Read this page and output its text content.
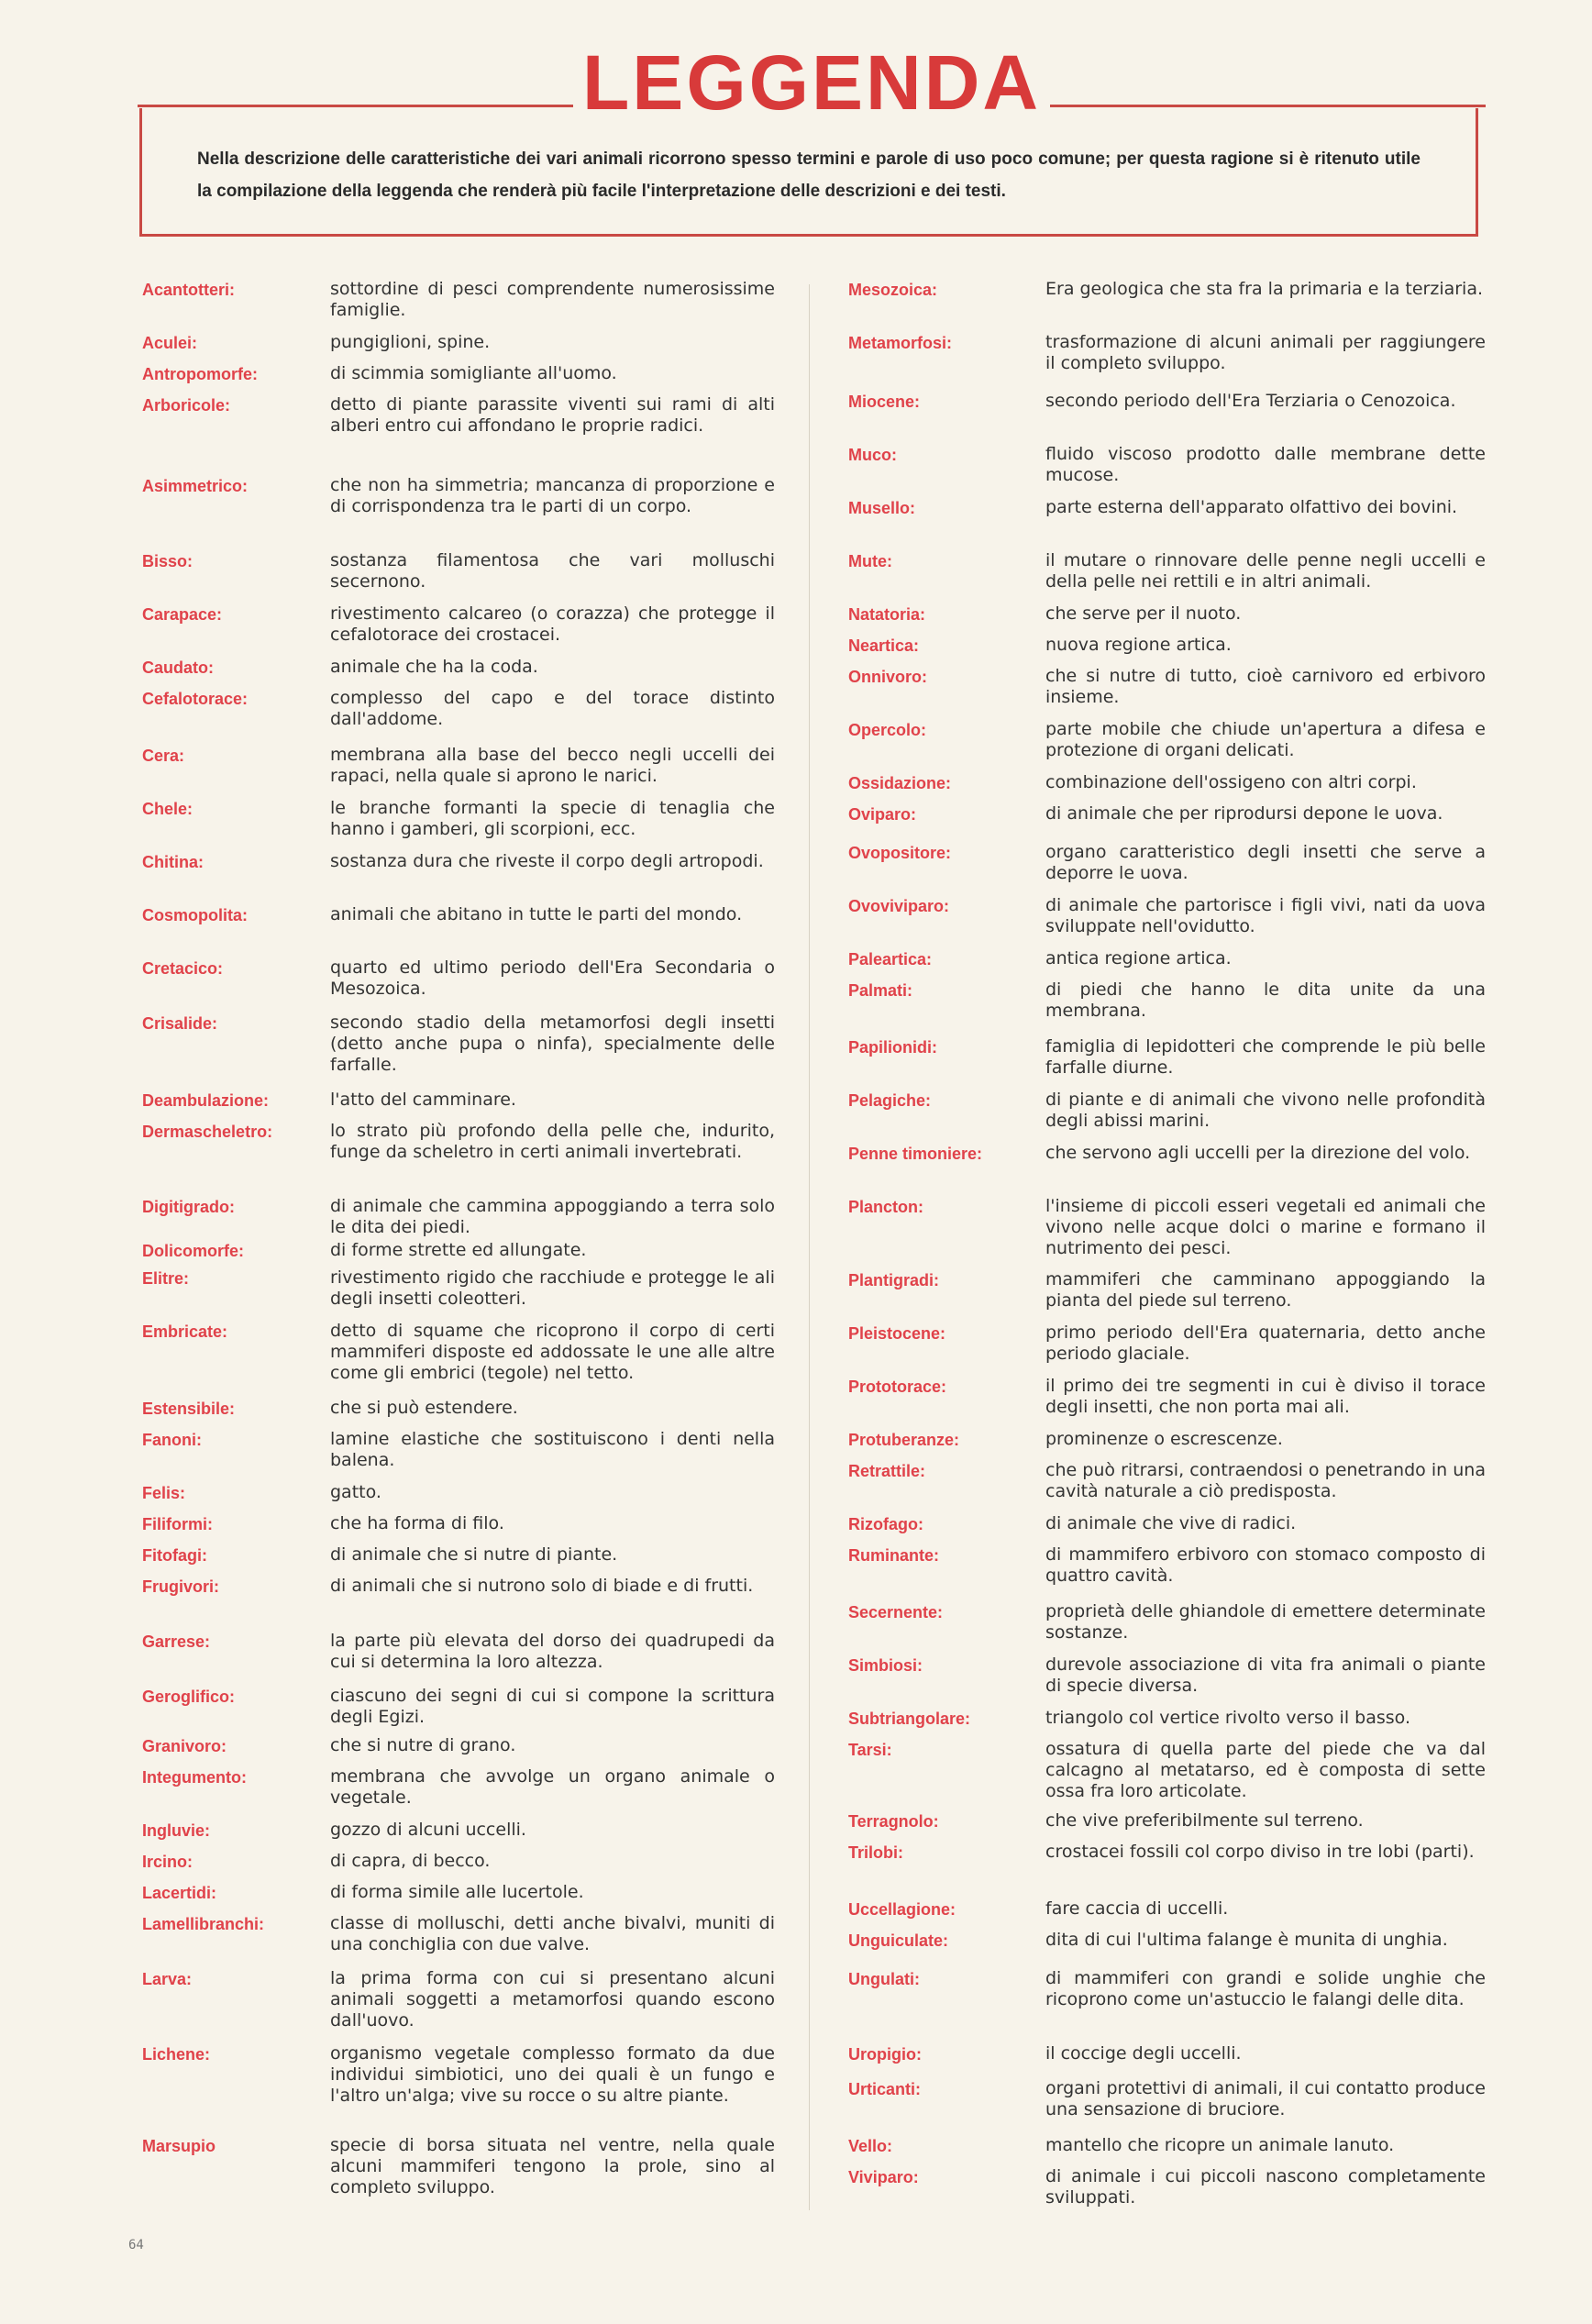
LEGGENDA
Nella descrizione delle caratteristiche dei vari animali ricorrono spesso termini e parole di uso poco comune; per questa ragione si è ritenuto utile la compilazione della leggenda che renderà più facile l'interpretazione delle descrizioni e dei testi.
Acantotteri:	sottordine di pesci comprendente numerosissime famiglie.
Aculei:	pungiglioni, spine.
Antropomorfe:	di scimmia somigliante all'uomo.
Arboricole:	detto di piante parassite viventi sui rami di alti alberi entro cui affondano le proprie radici.
Asimmetrico:	che non ha simmetria; mancanza di proporzione e di corrispondenza tra le parti di un corpo.
Bisso:	sostanza filamentosa che vari molluschi secernono.
Carapace:	rivestimento calcareo (o corazza) che protegge il cefalotorace dei crostacei.
Caudato:	animale che ha la coda.
Cefalotorace:	complesso del capo e del torace distinto dall'addome.
Cera:	membrana alla base del becco negli uccelli dei rapaci, nella quale si aprono le narici.
Chele:	le branche formanti la specie di tenaglia che hanno i gamberi, gli scorpioni, ecc.
Chitina:	sostanza dura che riveste il corpo degli artropodi.
Cosmopolita:	animali che abitano in tutte le parti del mondo.
Cretacico:	quarto ed ultimo periodo dell'Era Secondaria o Mesozoica.
Crisalide:	secondo stadio della metamorfosi degli insetti (detto anche pupa o ninfa), specialmente delle farfalle.
Deambulazione:	l'atto del camminare.
Dermascheletro:	lo strato più profondo della pelle che, indurito, funge da scheletro in certi animali invertebrati.
Digitigrado:	di animale che cammina appoggiando a terra solo le dita dei piedi.
Dolicomorfe:	di forme strette ed allungate.
Elitre:	rivestimento rigido che racchiude e protegge le ali degli insetti coleotteri.
Embricate:	detto di squame che ricoprono il corpo di certi mammiferi disposte ed addossate le une alle altre come gli embrici (tegole) nel tetto.
Estensibile:	che si può estendere.
Fanoni:	lamine elastiche che sostituiscono i denti nella balena.
Felis:	gatto.
Filiformi:	che ha forma di filo.
Fitofagi:	di animale che si nutre di piante.
Frugivori:	di animali che si nutrono solo di biade e di frutti.
Garrese:	la parte più elevata del dorso dei quadrupedi da cui si determina la loro altezza.
Geroglifico:	ciascuno dei segni di cui si compone la scrittura degli Egizi.
Granivoro:	che si nutre di grano.
Integumento:	membrana che avvolge un organo animale o vegetale.
Ingluvie:	gozzo di alcuni uccelli.
Ircino:	di capra, di becco.
Lacertidi:	di forma simile alle lucertole.
Lamellibranchi:	classe di molluschi, detti anche bivalvi, muniti di una conchiglia con due valve.
Larva:	la prima forma con cui si presentano alcuni animali soggetti a metamorfosi quando escono dall'uovo.
Lichene:	organismo vegetale complesso formato da due individui simbiotici, uno dei quali è un fungo e l'altro un'alga; vive su rocce o su altre piante.
Marsupio	specie di borsa situata nel ventre, nella quale alcuni mammiferi tengono la prole, sino al completo sviluppo.
Mesozoica:	Era geologica che sta fra la primaria e la terziaria.
Metamorfosi:	trasformazione di alcuni animali per raggiungere il completo sviluppo.
Miocene:	secondo periodo dell'Era Terziaria o Cenozoica.
Muco:	fluido viscoso prodotto dalle membrane dette mucose.
Musello:	parte esterna dell'apparato olfattivo dei bovini.
Mute:	il mutare o rinnovare delle penne negli uccelli e della pelle nei rettili e in altri animali.
Natatoria:	che serve per il nuoto.
Neartica:	nuova regione artica.
Onnivoro:	che si nutre di tutto, cioè carnivoro ed erbivoro insieme.
Opercolo:	parte mobile che chiude un'apertura a difesa e protezione di organi delicati.
Ossidazione:	combinazione dell'ossigeno con altri corpi.
Oviparo:	di animale che per riprodursi depone le uova.
Ovopositore:	organo caratteristico degli insetti che serve a deporre le uova.
Ovoviviparo:	di animale che partorisce i figli vivi, nati da uova sviluppate nell'ovidutto.
Paleartica:	antica regione artica.
Palmati:	di piedi che hanno le dita unite da una membrana.
Papilionidi:	famiglia di lepidotteri che comprende le più belle farfalle diurne.
Pelagiche:	di piante e di animali che vivono nelle profondità degli abissi marini.
Penne timoniere:	che servono agli uccelli per la direzione del volo.
Plancton:	l'insieme di piccoli esseri vegetali ed animali che vivono nelle acque dolci o marine e formano il nutrimento dei pesci.
Plantigradi:	mammiferi che camminano appoggiando la pianta del piede sul terreno.
Pleistocene:	primo periodo dell'Era quaternaria, detto anche periodo glaciale.
Prototorace:	il primo dei tre segmenti in cui è diviso il torace degli insetti, che non porta mai ali.
Protuberanze:	prominenze o escrescenze.
Retrattile:	che può ritrarsi, contraendosi o penetrando in una cavità naturale a ciò predisposta.
Rizofago:	di animale che vive di radici.
Ruminante:	di mammifero erbivoro con stomaco composto di quattro cavità.
Secernente:	proprietà delle ghiandole di emettere determinate sostanze.
Simbiosi:	durevole associazione di vita fra animali o piante di specie diversa.
Subtriangolare:	triangolo col vertice rivolto verso il basso.
Tarsi:	ossatura di quella parte del piede che va dal calcagno al metatarso, ed è composta di sette ossa fra loro articolate.
Terragnolo:	che vive preferibilmente sul terreno.
Trilobi:	crostacei fossili col corpo diviso in tre lobi (parti).
Uccellagione:	fare caccia di uccelli.
Unguiculate:	dita di cui l'ultima falange è munita di unghia.
Ungulati:	di mammiferi con grandi e solide unghie che ricoprono come un'astuccio le falangi delle dita.
Uropigio:	il coccige degli uccelli.
Urticanti:	organi protettivi di animali, il cui contatto produce una sensazione di bruciore.
Vello:	mantello che ricopre un animale lanuto.
Viviparo:	di animale i cui piccoli nascono completamente sviluppati.
64
